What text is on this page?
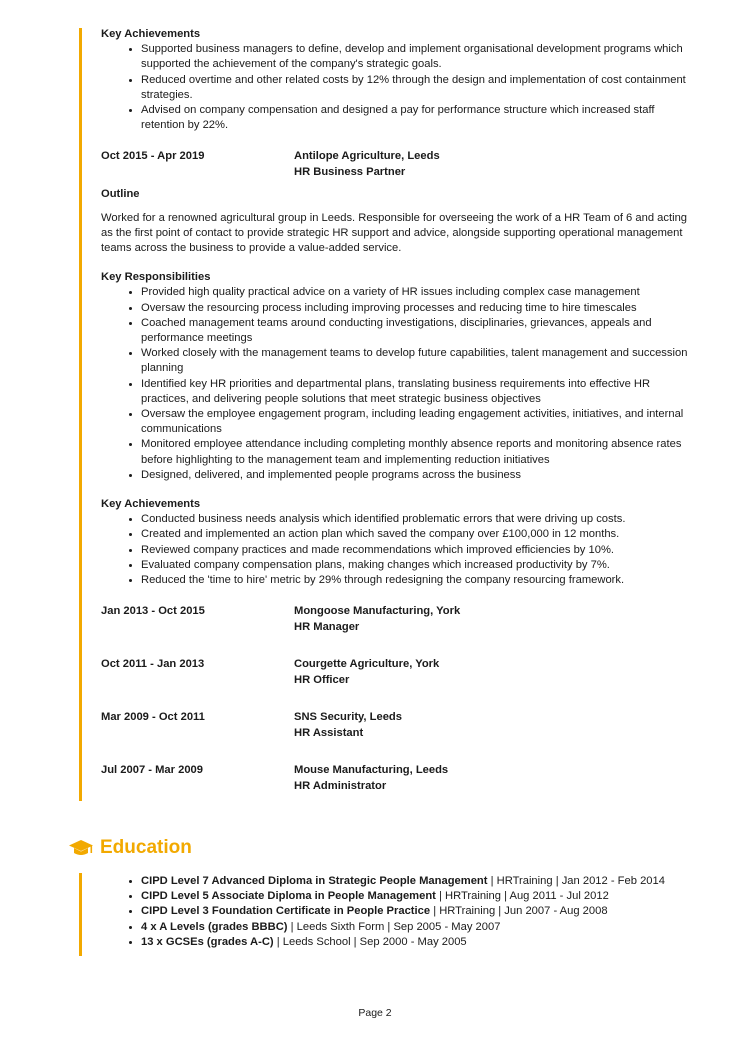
Key Achievements

• Supported business managers to define, develop and implement organisational development programs which supported the achievement of the company's strategic goals.
• Reduced overtime and other related costs by 12% through the design and implementation of cost containment strategies.
• Advised on company compensation and designed a pay for performance structure which increased staff retention by 22%.
Oct 2015 - Apr 2019	Antilope Agriculture, Leeds
HR Business Partner

Outline

Worked for a renowned agricultural group in Leeds. Responsible for overseeing the work of a HR Team of 6 and acting as the first point of contact to provide strategic HR support and advice, alongside supporting operational management teams across the business to provide a value-added service.

Key Responsibilities

• Provided high quality practical advice on a variety of HR issues including complex case management
• Oversaw the resourcing process including improving processes and reducing time to hire timescales
• Coached management teams around conducting investigations, disciplinaries, grievances, appeals and performance meetings
• Worked closely with the management teams to develop future capabilities, talent management and succession planning
• Identified key HR priorities and departmental plans, translating business requirements into effective HR practices, and delivering people solutions that meet strategic business objectives
• Oversaw the employee engagement program, including leading engagement activities, initiatives, and internal communications
• Monitored employee attendance including completing monthly absence reports and monitoring absence rates before highlighting to the management team and implementing reduction initiatives
• Designed, delivered, and implemented people programs across the business

Key Achievements

• Conducted business needs analysis which identified problematic errors that were driving up costs.
• Created and implemented an action plan which saved the company over £100,000 in 12 months.
• Reviewed company practices and made recommendations which improved efficiencies by 10%.
• Evaluated company compensation plans, making changes which increased productivity by 7%.
• Reduced the 'time to hire' metric by 29% through redesigning the company resourcing framework.
Jan 2013 - Oct 2015	Mongoose Manufacturing, York
HR Manager
Oct 2011 - Jan 2013	Courgette Agriculture, York
HR Officer
Mar 2009 - Oct 2011	SNS Security, Leeds
HR Assistant
Jul 2007 - Mar 2009	Mouse Manufacturing, Leeds
HR Administrator
Education
• CIPD Level 7 Advanced Diploma in Strategic People Management | HRTraining | Jan 2012 - Feb 2014
• CIPD Level 5 Associate Diploma in People Management | HRTraining | Aug 2011 - Jul 2012
• CIPD Level 3 Foundation Certificate in People Practice | HRTraining | Jun 2007 - Aug 2008
• 4 x A Levels (grades BBBC) | Leeds Sixth Form | Sep 2005 - May 2007
• 13 x GCSEs (grades A-C) | Leeds School | Sep 2000 - May 2005
Page 2
